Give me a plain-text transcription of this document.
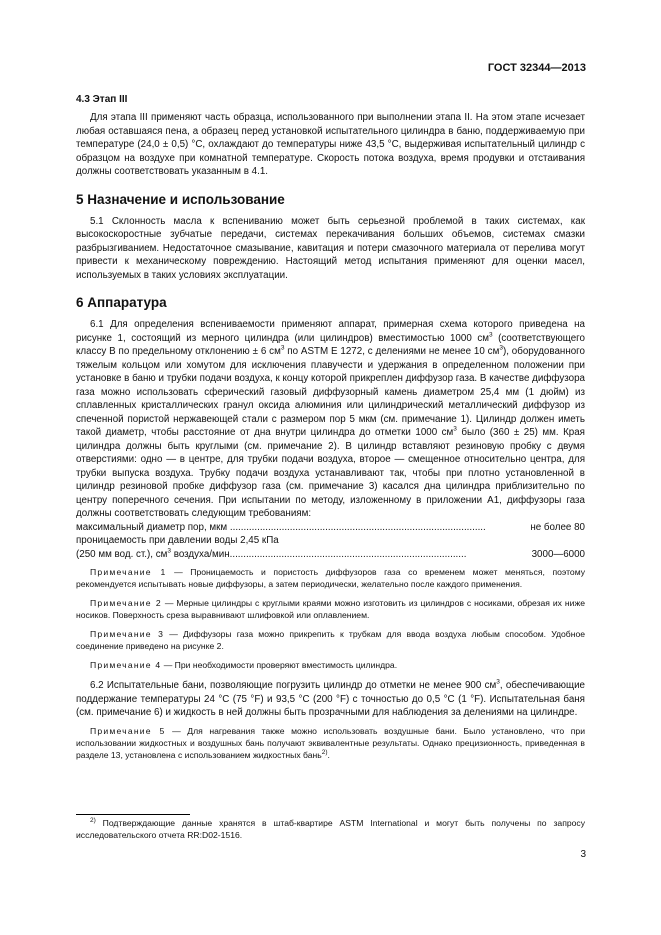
ГОСТ 32344—2013
4.3 Этап III

Для этапа III применяют часть образца, использованного при выполнении этапа II. На этом этапе исчезает любая оставшаяся пена, а образец перед установкой испытательного цилиндра в баню, поддерживаемую при температуре (24,0 ± 0,5) °С, охлаждают до температуры ниже 43,5 °С, выдерживая испытательный цилиндр с образцом на воздухе при комнатной температуре. Скорость потока воздуха, время продувки и отстаивания должны соответствовать указанным в 4.1.

5 Назначение и использование

5.1 Склонность масла к вспениванию может быть серьезной проблемой в таких системах, как высокоскоростные зубчатые передачи, системах перекачивания больших объемов, системах смазки разбрызгиванием. Недостаточное смазывание, кавитация и потери смазочного материала от перелива могут привести к механическому повреждению. Настоящий метод испытания применяют для оценки масел, используемых в таких условиях эксплуатации.

6 Аппаратура

6.1 Для определения вспениваемости применяют аппарат, примерная схема которого приведена на рисунке 1, состоящий из мерного цилиндра (или цилиндров) вместимостью 1000 $см^3$ (соответствующего классу В по предельному отклонению ± 6 $см^3$ по ASTM E 1272, с делениями не менее 10 $см^3$), оборудованного тяжелым кольцом или хомутом для исключения плавучести и удержания в определенном положении при установке в баню и трубки подачи воздуха, к концу которой прикреплен диффузор газа. В качестве диффузора газа можно использовать сферический газовый диффузорный камень диаметром 25,4 мм (1 дюйм) из сплавленных кристаллических гранул оксида алюминия или цилиндрический металлический диффузор из спеченной пористой нержавеющей стали с размером пор 5 мкм (см. примечание 1). Цилиндр должен иметь такой диаметр, чтобы расстояние от дна внутри цилиндра до отметки 1000 $см^3$ было (360 ± 25) мм. Края цилиндра должны быть круглыми (см. примечание 2). В цилиндр вставляют резиновую пробку с двумя отверстиями: одно — в центре, для трубки подачи воздуха, второе — смещенное относительно центра, для трубки выпуска воздуха. Трубку подачи воздуха устанавливают так, чтобы при плотно установленной в цилиндр резиновой пробке диффузор газа (см. примечание 3) касался дна цилиндра приблизительно по центру поперечного сечения. При испытании по методу, изложенному в приложении А1, диффузоры газа должны соответствовать следующим требованиям:

максимальный диаметр пор, мкм ..............................................................................................	не более 80
проницаемость при давлении воды 2,45 кПа
(250 мм вод. ст.), $см^3$ воздуха/мин.......................................................................................	3000—6000
Примечание 1 — Проницаемость и пористость диффузоров газа со временем может меняться, поэтому рекомендуется испытывать новые диффузоры, а затем периодически, желательно после каждого применения.
Примечание 2 — Мерные цилиндры с круглыми краями можно изготовить из цилиндров с носиками, обрезая их ниже носиков. Поверхность среза выравнивают шлифовкой или оплавлением.
Примечание 3 — Диффузоры газа можно прикрепить к трубкам для ввода воздуха любым способом. Удобное соединение приведено на рисунке 2.
Примечание 4 — При необходимости проверяют вместимость цилиндра.

6.2 Испытательные бани, позволяющие погрузить цилиндр до отметки не менее 900 $см^3$, обеспечивающие поддержание температуры 24 °С (75 °F) и 93,5 °С (200 °F) с точностью до 0,5 °С (1 °F). Испытательная баня (см. примечание 6) и жидкость в ней должны быть прозрачными для наблюдения за делениями на цилиндре.

Примечание 5 — Для нагревания также можно использовать воздушные бани. Было установлено, что при использовании жидкостных и воздушных бань получают эквивалентные результаты. Однако прецизионность, приведенная в разделе 13, установлена с использованием жидкостных бань$^{2)}$.
$^{2)}$ Подтверждающие данные хранятся в штаб-квартире ASTM International и могут быть получены по запросу исследовательского отчета RR:D02-1516.
3
